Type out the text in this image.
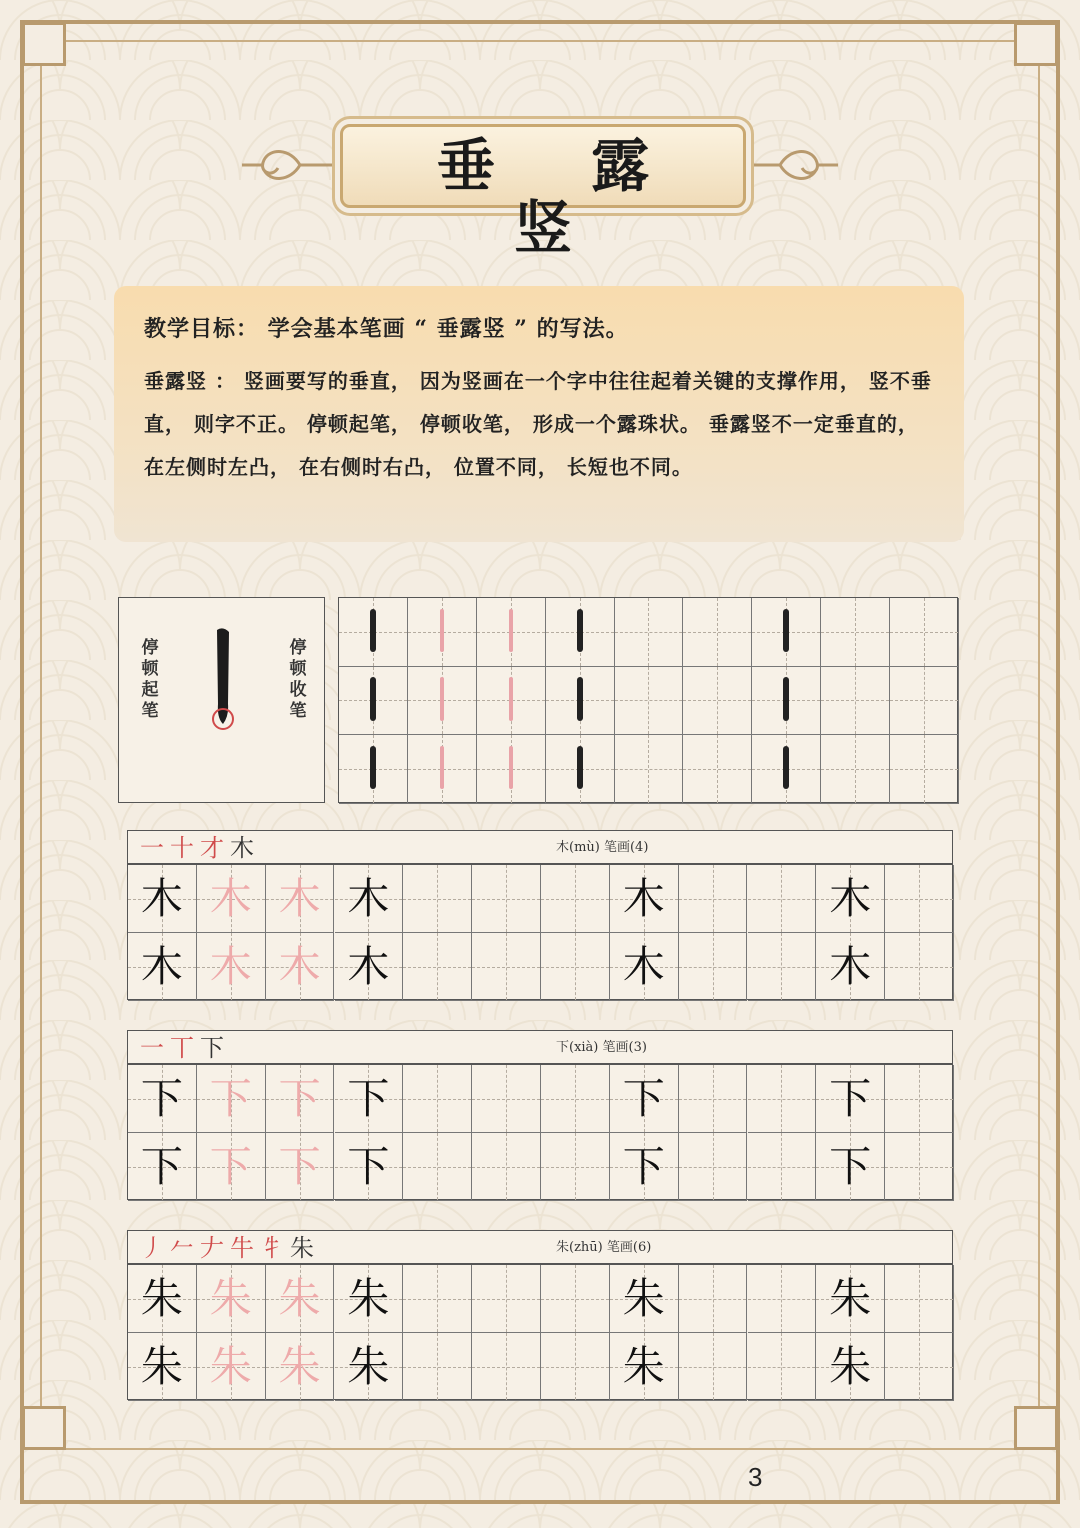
垂 露 竖
教学目标： 学会基本笔画 “ 垂露竖 ” 的写法。
垂露竖 ： 竖画要写的垂直， 因为竖画在一个字中往往起着关键的支撑作用， 竖不垂直， 则字不正。 停顿起笔， 停顿收笔， 形成一个露珠状。 垂露竖不一定垂直的， 在左侧时左凸， 在右侧时右凸， 位置不同， 长短也不同。
停顿起笔
停顿收笔
一十才木	木(mù) 笔画(4)
木 木 木 木	木	木
木 木 木 木	木	木
一丅下	下(xià) 笔画(3)
下 下 下 下	下	下
下 下 下 下	下	下
丿𠂉𠂇牛牜朱	朱(zhū) 笔画(6)
朱 朱 朱 朱	朱	朱
朱 朱 朱 朱	朱	朱
3
